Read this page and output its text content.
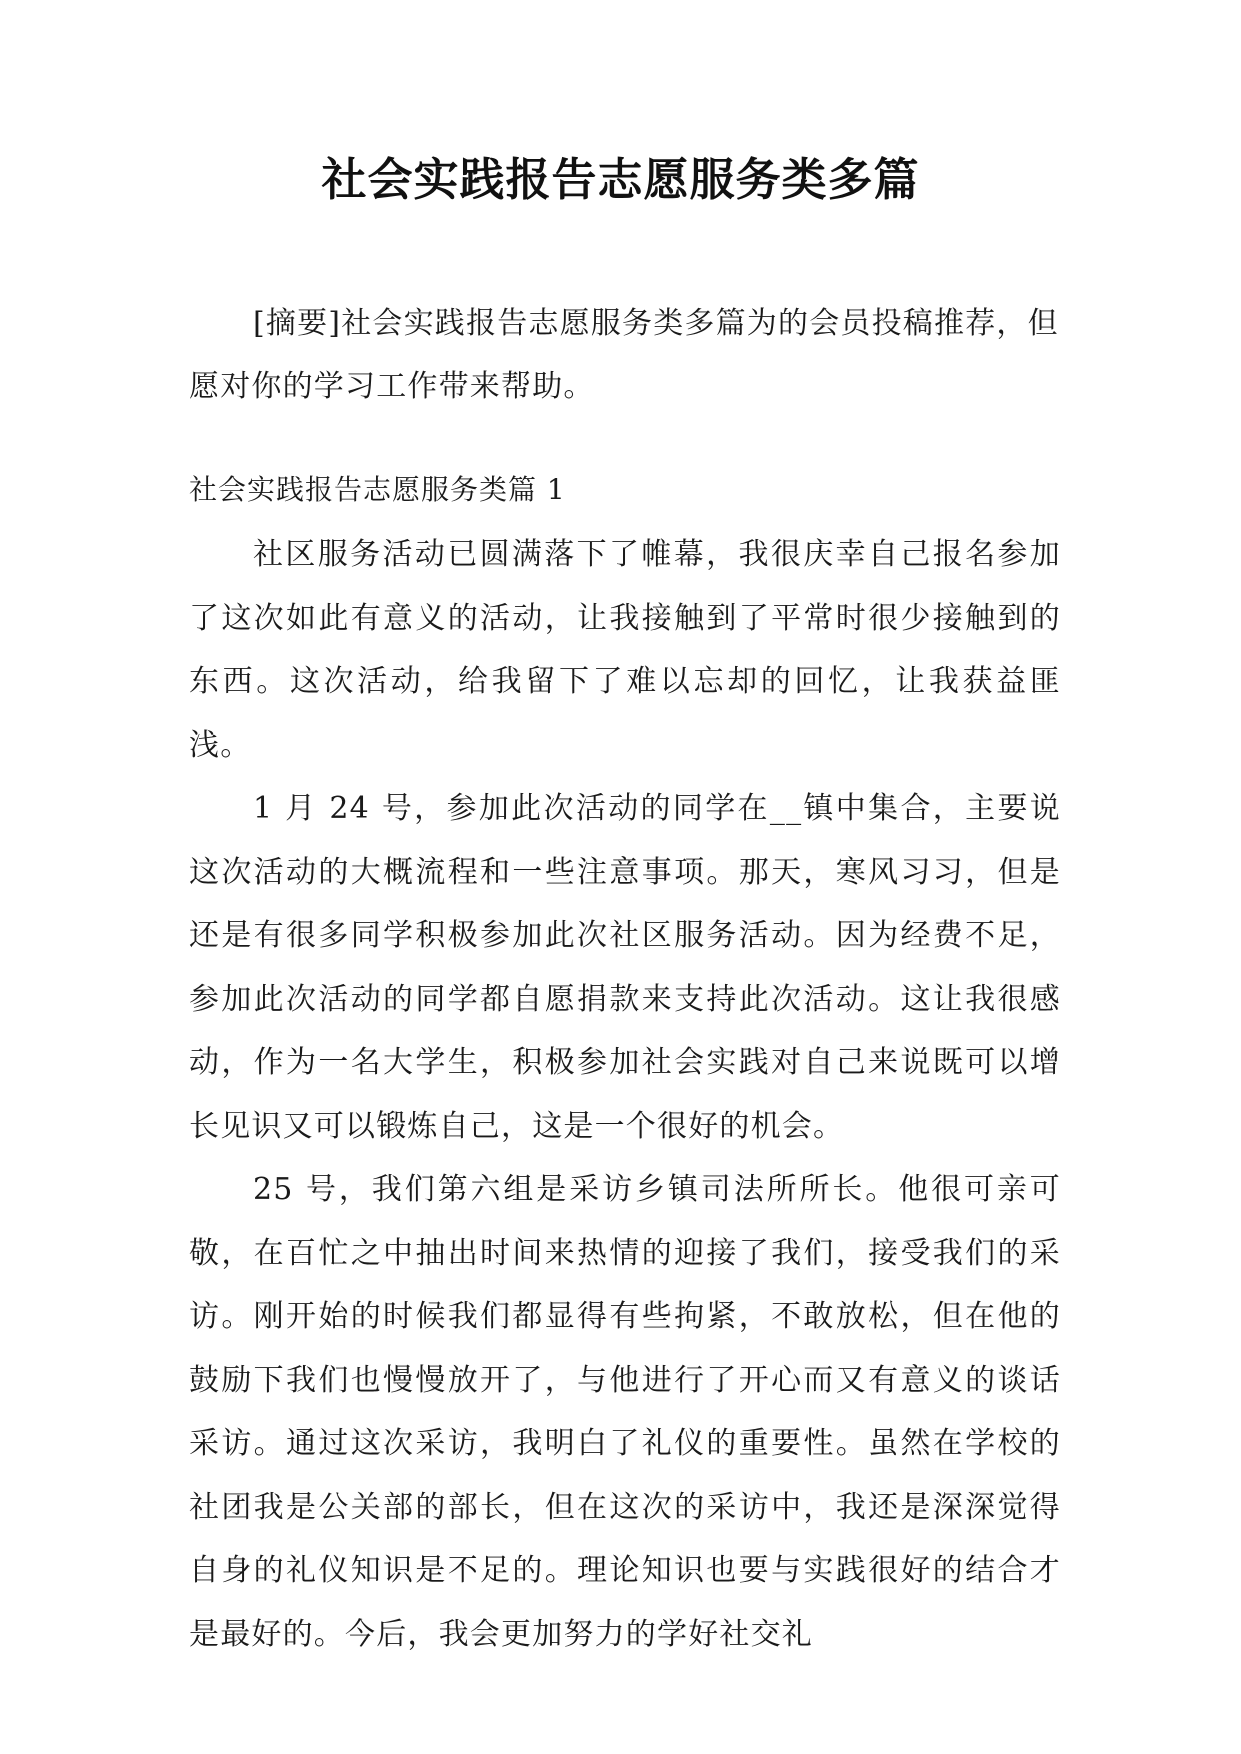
社会实践报告志愿服务类多篇
[摘要]社会实践报告志愿服务类多篇为的会员投稿推荐，但愿对你的学习工作带来帮助。
社会实践报告志愿服务类篇 1

社区服务活动已圆满落下了帷幕，我很庆幸自己报名参加了这次如此有意义的活动，让我接触到了平常时很少接触到的东西。这次活动，给我留下了难以忘却的回忆，让我获益匪浅。

1 月 24 号，参加此次活动的同学在__镇中集合，主要说这次活动的大概流程和一些注意事项。那天，寒风习习，但是还是有很多同学积极参加此次社区服务活动。因为经费不足，参加此次活动的同学都自愿捐款来支持此次活动。这让我很感动，作为一名大学生，积极参加社会实践对自己来说既可以增长见识又可以锻炼自己，这是一个很好的机会。

25 号，我们第六组是采访乡镇司法所所长。他很可亲可敬，在百忙之中抽出时间来热情的迎接了我们，接受我们的采访。刚开始的时候我们都显得有些拘紧，不敢放松，但在他的鼓励下我们也慢慢放开了，与他进行了开心而又有意义的谈话采访。通过这次采访，我明白了礼仪的重要性。虽然在学校的社团我是公关部的部长，但在这次的采访中，我还是深深觉得自身的礼仪知识是不足的。理论知识也要与实践很好的结合才是最好的。今后，我会更加努力的学好社交礼
